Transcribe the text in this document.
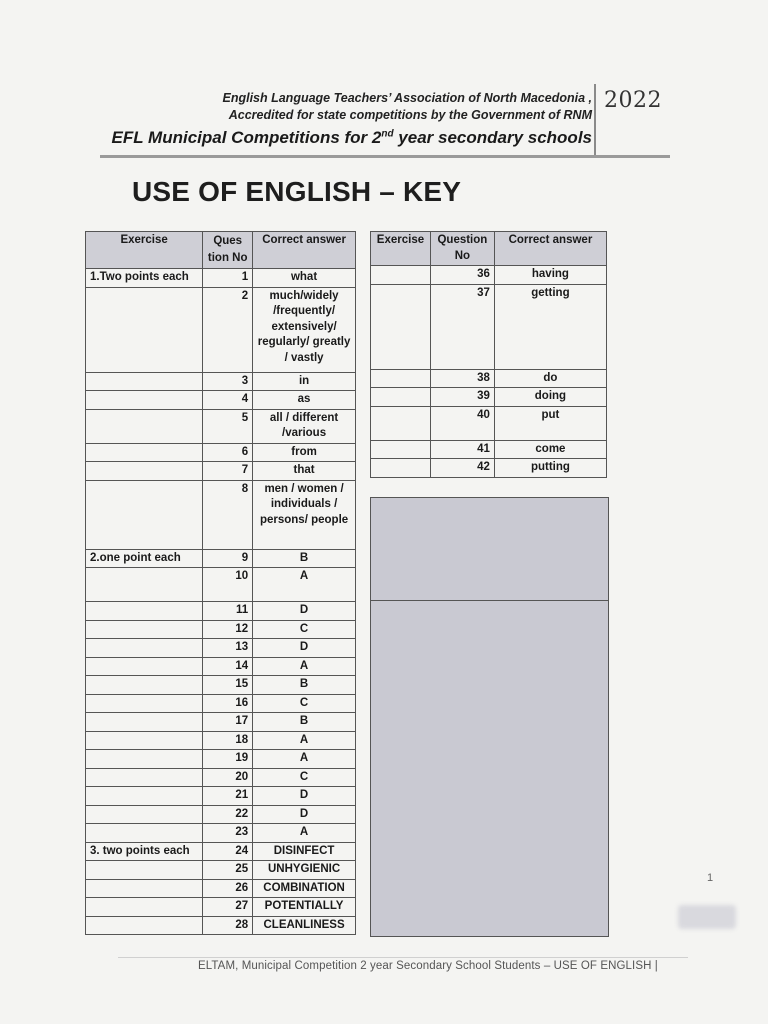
English Language Teachers’ Association of North Macedonia ,
Accredited for state competitions by the Government of RNM
EFL Municipal Competitions for 2nd year secondary schools
2022
USE OF ENGLISH – KEY
Exercise	Ques tion No	Correct answer
1.Two points each	1	what
	2	much/widely /frequently/ extensively/ regularly/ greatly / vastly
	3	in
	4	as
	5	all / different /various
	6	from
	7	that
	8	men / women / individuals / persons/ people
2.one point each	9	B
	10	A
	11	D
	12	C
	13	D
	14	A
	15	B
	16	C
	17	B
	18	A
	19	A
	20	C
	21	D
	22	D
	23	A
3. two points each	24	DISINFECT
	25	UNHYGIENIC
	26	COMBINATION
	27	POTENTIALLY
	28	CLEANLINESS
Exercise	Question No	Correct answer
	36	having
	37	getting
	38	do
	39	doing
	40	put
	41	come
	42	putting
ELTAM, Municipal Competition 2 year Secondary School Students – USE OF ENGLISH |
1
